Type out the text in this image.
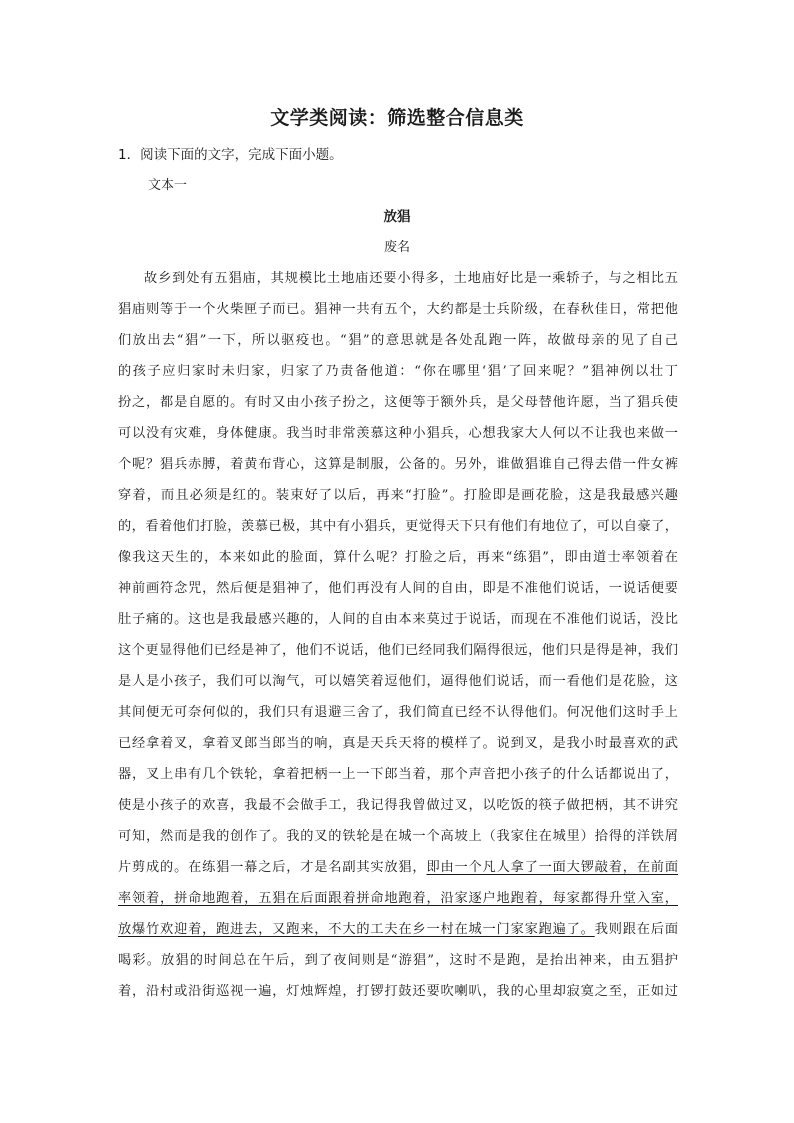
文学类阅读：筛选整合信息类
1．阅读下面的文字，完成下面小题。
文本一
放猖
废名
故乡到处有五猖庙，其规模比土地庙还要小得多，土地庙好比是一乘轿子，与之相比五
猖庙则等于一个火柴匣子而已。猖神一共有五个，大约都是士兵阶级，在春秋佳日，常把他
们放出去“猖”一下，所以驱疫也。“猖”的意思就是各处乱跑一阵，故做母亲的见了自己
的孩子应归家时未归家，归家了乃责备他道：“你在哪里‘猖’了回来呢？”猖神例以壮丁
扮之，都是自愿的。有时又由小孩子扮之，这便等于额外兵，是父母替他许愿，当了猖兵使
可以没有灾难，身体健康。我当时非常羡慕这种小猖兵，心想我家大人何以不让我也来做一
个呢？猖兵赤膊，着黄布背心，这算是制服，公备的。另外，谁做猖谁自己得去借一件女裤
穿着，而且必须是红的。装束好了以后，再来“打脸”。打脸即是画花脸，这是我最感兴趣
的，看着他们打脸，羡慕已极，其中有小猖兵，更觉得天下只有他们有地位了，可以自豪了，
像我这天生的，本来如此的脸面，算什么呢？打脸之后，再来“练猖”，即由道士率领着在
神前画符念咒，然后便是猖神了，他们再没有人间的自由，即是不准他们说话，一说话便要
肚子痛的。这也是我最感兴趣的，人间的自由本来莫过于说话，而现在不准他们说话，没比
这个更显得他们已经是神了，他们不说话，他们已经同我们隔得很远，他们只是得是神，我们
是人是小孩子，我们可以淘气，可以嬉笑着逗他们，逼得他们说话，而一看他们是花脸，这
其间便无可奈何似的，我们只有退避三舍了，我们简直已经不认得他们。何况他们这时手上
已经拿着叉，拿着叉郎当郎当的响，真是天兵天将的模样了。说到叉，是我小时最喜欢的武
器，叉上串有几个铁轮，拿着把柄一上一下郎当着，那个声音把小孩子的什么话都说出了，
使是小孩子的欢喜，我最不会做手工，我记得我曾做过叉，以吃饭的筷子做把柄，其不讲究
可知，然而是我的创作了。我的叉的铁轮是在城一个高坡上（我家住在城里）拾得的洋铁屑
片剪成的。在练猖一幕之后，才是名副其实放猖，即由一个凡人拿了一面大锣敲着，在前面
率领着，拼命地跑着，五猖在后面跟着拼命地跑着，沿家逐户地跑着，每家都得升堂入室，
放爆竹欢迎着，跑进去，又跑来，不大的工夫在乡一村在城一门家家跑遍了。我则跟在后面
喝彩。放猖的时间总在午后，到了夜间则是“游猖”，这时不是跑，是抬出神来，由五猖护
着，沿村或沿街巡视一遍，灯烛辉煌，打锣打鼓还要吹喇叭，我的心里却寂寞之至，正如过
